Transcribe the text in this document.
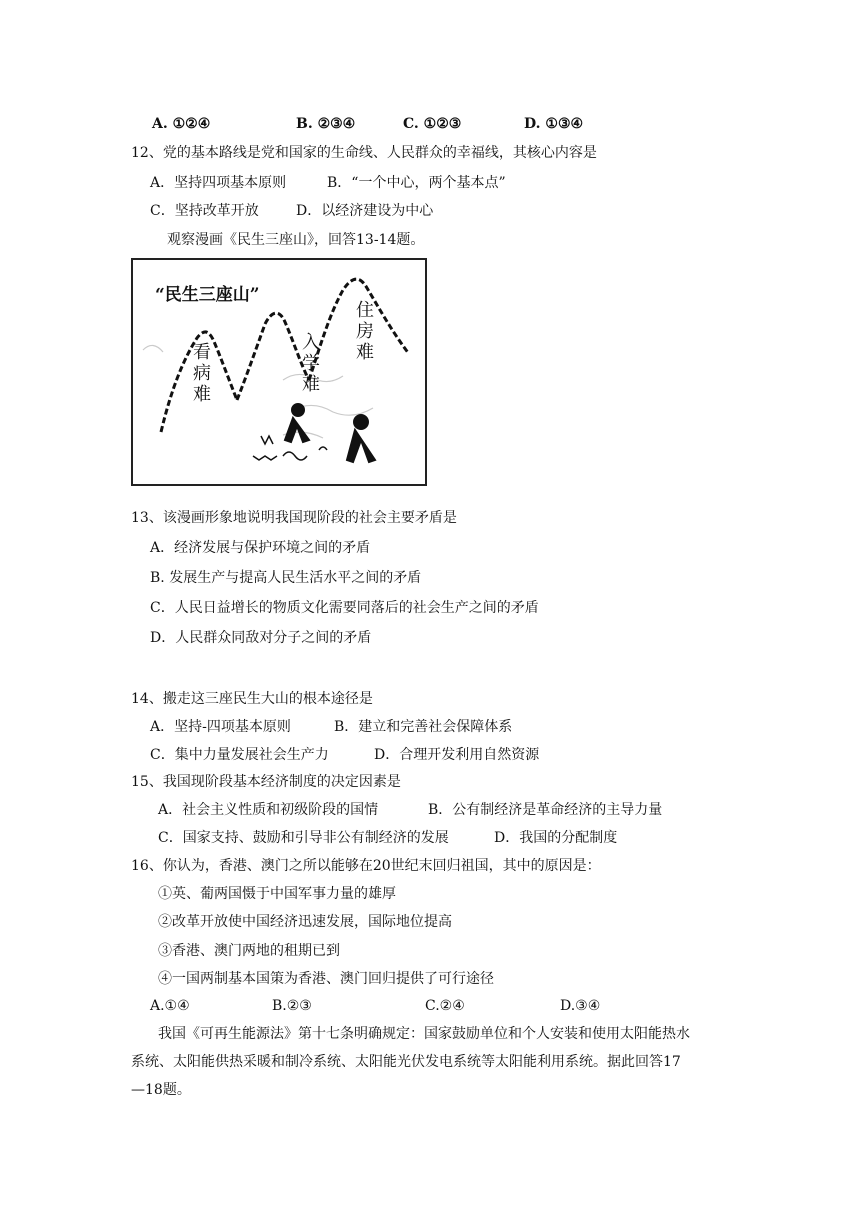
A. ①②④	B. ②③④	C. ①②③	D. ①③④
12、党的基本路线是党和国家的生命线、人民群众的幸福线，其核心内容是
A．坚持四项基本原则	B．“一个中心，两个基本点”
C．坚持改革开放	D．以经济建设为中心
观察漫画《民生三座山》，回答13-14题。
“民生三座山”
看病难
入学难
住房难
13、该漫画形象地说明我国现阶段的社会主要矛盾是
A．经济发展与保护环境之间的矛盾
B. 发展生产与提高人民生活水平之间的矛盾
C．人民日益增长的物质文化需要同落后的社会生产之间的矛盾
D．人民群众同敌对分子之间的矛盾
14、搬走这三座民生大山的根本途径是
A．坚持-四项基本原则	B．建立和完善社会保障体系
C．集中力量发展社会生产力	D．合理开发利用自然资源
15、我国现阶段基本经济制度的决定因素是
A．社会主义性质和初级阶段的国情	B．公有制经济是革命经济的主导力量
C．国家支持、鼓励和引导非公有制经济的发展	D．我国的分配制度
16、你认为，香港、澳门之所以能够在20世纪末回归祖国，其中的原因是：
①英、葡两国慑于中国军事力量的雄厚
②改革开放使中国经济迅速发展，国际地位提高
③香港、澳门两地的租期已到
④一国两制基本国策为香港、澳门回归提供了可行途径
A.①④	B.②③	C.②④	D.③④
我国《可再生能源法》第十七条明确规定：国家鼓励单位和个人安装和使用太阳能热水
系统、太阳能供热采暖和制冷系统、太阳能光伏发电系统等太阳能利用系统。据此回答17
—18题。
